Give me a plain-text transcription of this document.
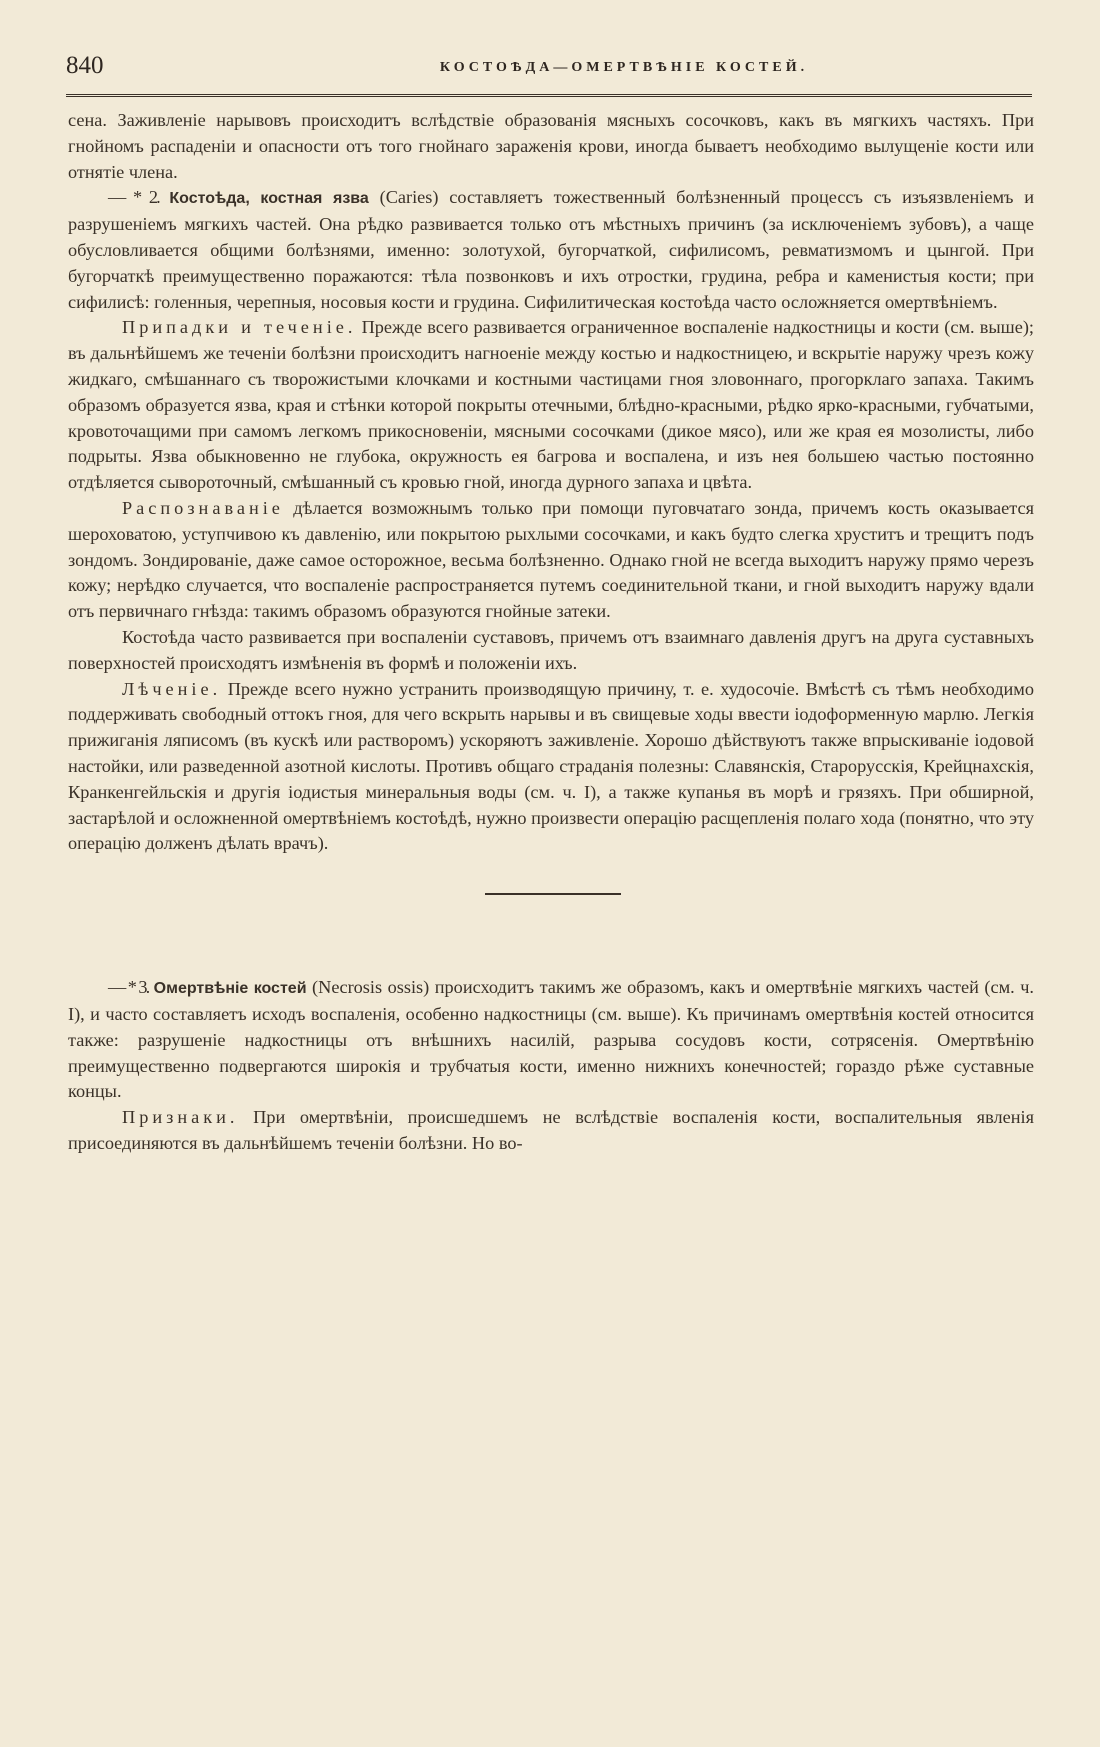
840	КОСТОѢДА—ОМЕРТВѢНІЕ КОСТЕЙ.

сена. Заживленіе нарывовъ происходитъ вслѣдствіе образованія мясныхъ сосочковъ, какъ въ мягкихъ частяхъ. При гнойномъ распаденіи и опасности отъ того гнойнаго зараженія крови, иногда бываетъ необходимо вылущеніе кости или отнятіе члена.

— * 2. Костоѣда, костная язва (Caries) составляетъ тожественный болѣзненный процессъ съ изъязвленіемъ и разрушеніемъ мягкихъ частей. Она рѣдко развивается только отъ мѣстныхъ причинъ (за исключеніемъ зубовъ), а чаще обусловливается общими болѣзнями, именно: золотухой, бугорчаткой, сифилисомъ, ревматизмомъ и цынгой. При бугорчаткѣ преимущественно поражаются: тѣла позвонковъ и ихъ отростки, грудина, ребра и каменистыя кости; при сифилисѣ: голенныя, черепныя, носовыя кости и грудина. Сифилитическая костоѣда часто осложняется омертвѣніемъ.

Припадки и теченіе. Прежде всего развивается ограниченное воспаленіе надкостницы и кости (см. выше); въ дальнѣйшемъ же теченіи болѣзни происходитъ нагноеніе между костью и надкостницею, и вскрытіе наружу чрезъ кожу жидкаго, смѣшаннаго съ творожистыми клочками и костными частицами гноя зловоннаго, прогорклаго запаха. Такимъ образомъ образуется язва, края и стѣнки которой покрыты отечными, блѣдно-красными, рѣдко ярко-красными, губчатыми, кровоточащими при самомъ легкомъ прикосновеніи, мясными сосочками (дикое мясо), или же края ея мозолисты, либо подрыты. Язва обыкновенно не глубока, окружность ея багрова и воспалена, и изъ нея большею частью постоянно отдѣляется сывороточный, смѣшанный съ кровью гной, иногда дурного запаха и цвѣта.

Распознаваніе дѣлается возможнымъ только при помощи пуговчатаго зонда, причемъ кость оказывается шероховатою, уступчивою къ давленію, или покрытою рыхлыми сосочками, и какъ будто слегка хруститъ и трещитъ подъ зондомъ. Зондированіе, даже самое осторожное, весьма болѣзненно. Однако гной не всегда выходитъ наружу прямо черезъ кожу; нерѣдко случается, что воспаленіе распространяется путемъ соединительной ткани, и гной выходитъ наружу вдали отъ первичнаго гнѣзда: такимъ образомъ образуются гнойные затеки.

Костоѣда часто развивается при воспаленіи суставовъ, причемъ отъ взаимнаго давленія другъ на друга суставныхъ поверхностей происходятъ измѣненія въ формѣ и положеніи ихъ.

Лѣченіе. Прежде всего нужно устранить производящую причину, т. е. худосочіе. Вмѣстѣ съ тѣмъ необходимо поддерживать свободный оттокъ гноя, для чего вскрыть нарывы и въ свищевые ходы ввести іодоформенную марлю. Легкія прижиганія ляписомъ (въ кускѣ или растворомъ) ускоряютъ заживленіе. Хорошо дѣйствуютъ также впрыскиваніе іодовой настойки, или разведенной азотной кислоты. Противъ общаго страданія полезны: Славянскія, Старорусскія, Крейцнахскія, Кранкенгейльскія и другія іодистыя минеральныя воды (см. ч. I), а также купанья въ морѣ и грязяхъ. При обширной, застарѣлой и осложненной омертвѣніемъ костоѣдѣ, нужно произвести операцію расщепленія полаго хода (понятно, что эту операцію долженъ дѣлать врачъ).

— * 3. Омертвѣніе костей (Necrosis ossis) происходитъ такимъ же образомъ, какъ и омертвѣніе мягкихъ частей (см. ч. I), и часто составляетъ исходъ воспаленія, особенно надкостницы (см. выше). Къ причинамъ омертвѣнія костей относится также: разрушеніе надкостницы отъ внѣшнихъ насилій, разрыва сосудовъ кости, сотрясенія. Омертвѣнію преимущественно подвергаются широкія и трубчатыя кости, именно нижнихъ конечностей; гораздо рѣже суставные концы.

Признаки. При омертвѣніи, происшедшемъ не вслѣдствіе воспаленія кости, воспалительныя явленія присоединяются въ дальнѣйшемъ теченіи болѣзни. Но во-
